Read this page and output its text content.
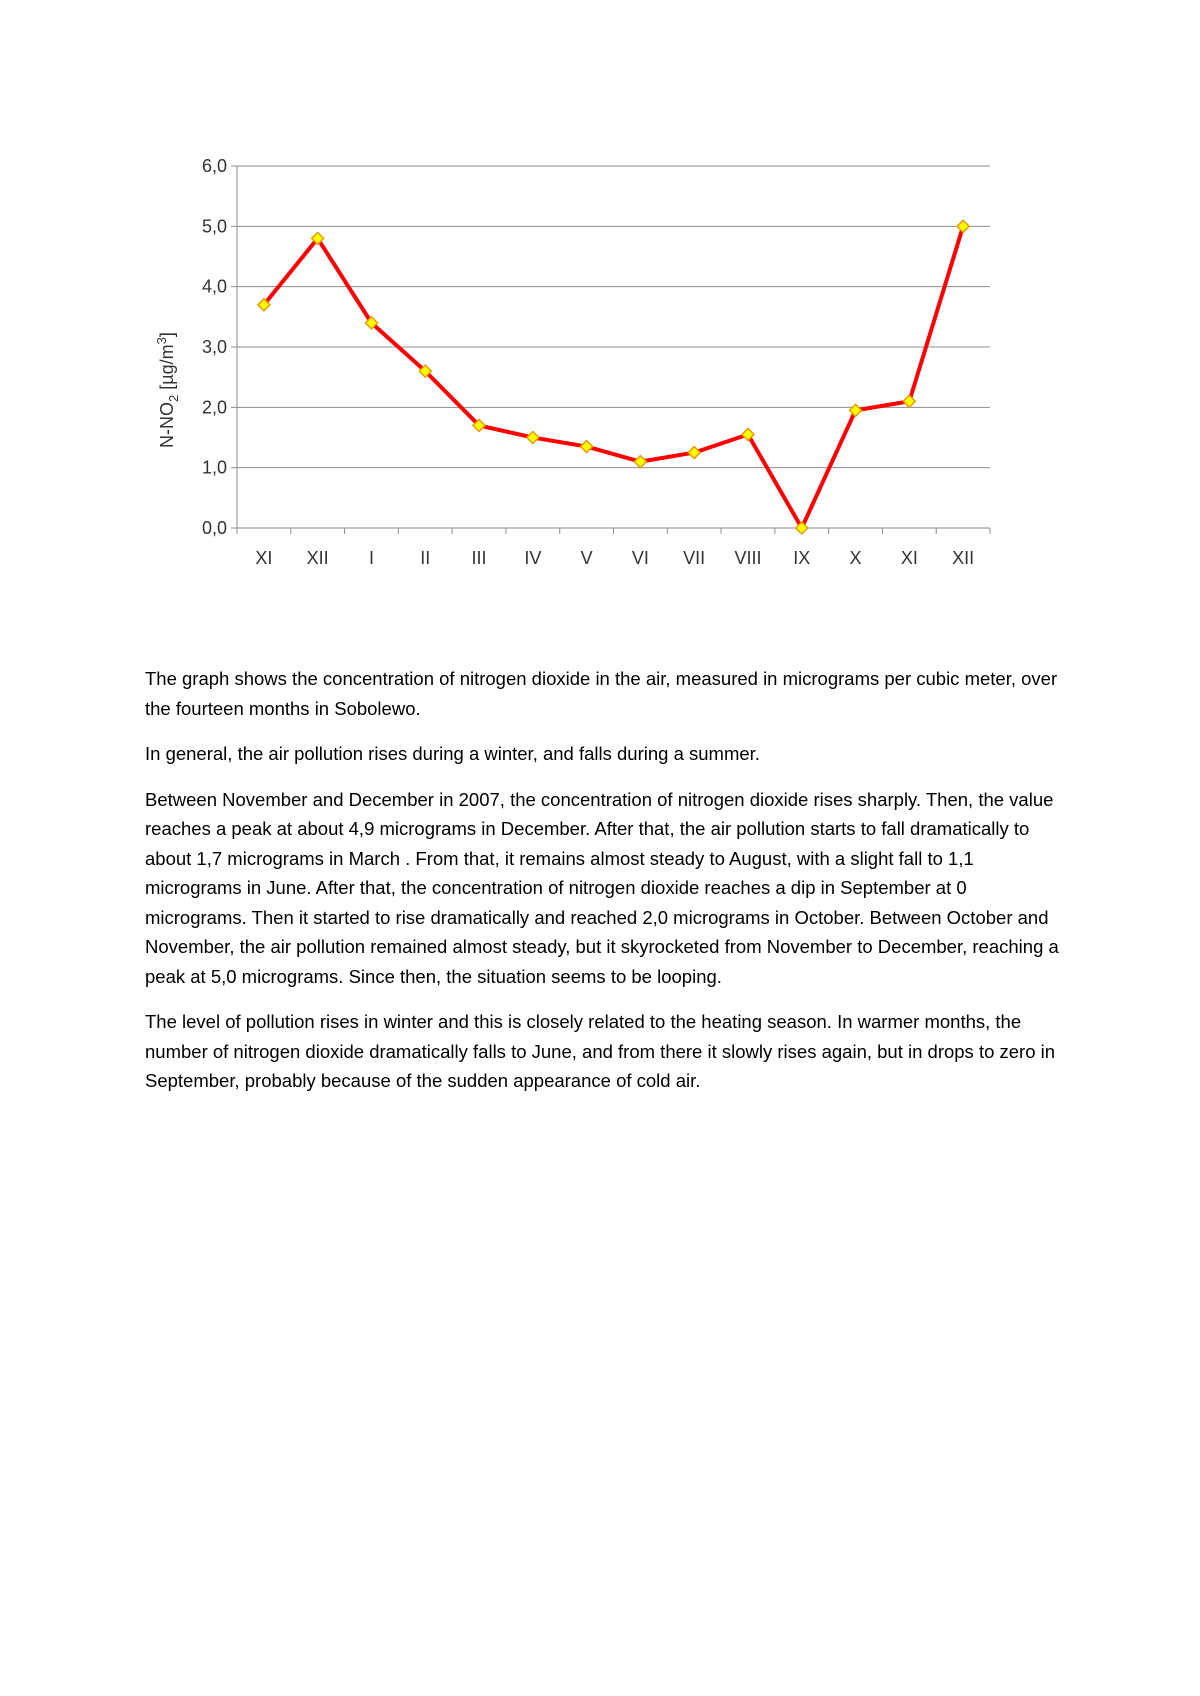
0,0
1,0
2,0
3,0
4,0
5,0
6,0
XI XII I	II III IV V VI VII VIII IX X XI XII
$N-NO_2$ $[\mu g/m^3]$

The graph shows the concentration of nitrogen dioxide in the air, measured in micrograms per cubic meter, over the fourteen months in Sobolewo.

In general, the air pollution rises during a winter, and falls during a summer.

Between November and December in 2007, the concentration of nitrogen dioxide rises sharply. Then, the value reaches a peak at about 4,9 micrograms in December. After that, the air pollution starts to fall dramatically to about 1,7 micrograms in March . From that, it remains almost steady to August, with a slight fall to 1,1 micrograms in June. After that, the concentration of nitrogen dioxide reaches a dip in September at 0 micrograms. Then it started to rise dramatically and reached 2,0 micrograms in October. Between October and November, the air pollution remained almost steady, but it skyrocketed from November to December, reaching a peak at 5,0 micrograms. Since then, the situation seems to be looping.

The level of pollution rises in winter and this is closely related to the heating season. In warmer months, the number of nitrogen dioxide dramatically falls to June, and from there it slowly rises again, but in drops to zero in September, probably because of the sudden appearance of cold air.
